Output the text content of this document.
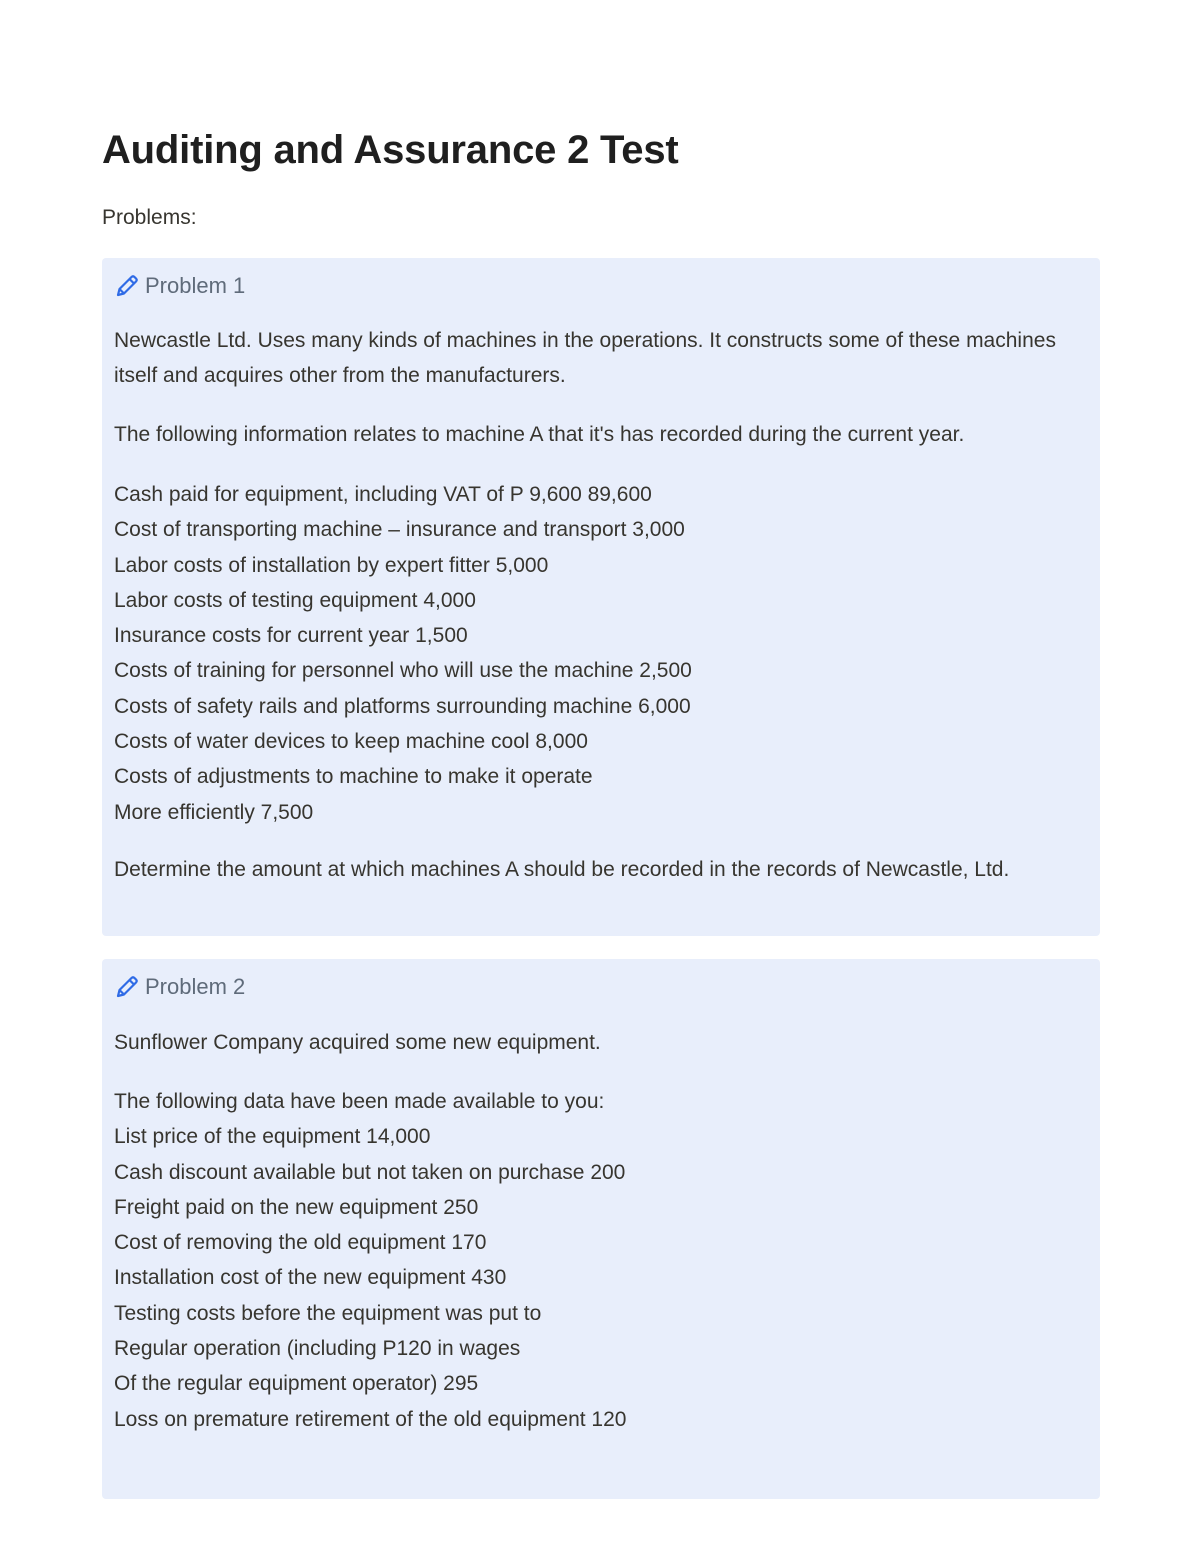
Auditing and Assurance 2 Test
Problems:
Problem 1
Newcastle Ltd. Uses many kinds of machines in the operations. It constructs some of these machines itself and acquires other from the manufacturers.
The following information relates to machine A that it's has recorded during the current year.
Cash paid for equipment, including VAT of P 9,600 89,600
Cost of transporting machine – insurance and transport 3,000
Labor costs of installation by expert fitter 5,000
Labor costs of testing equipment 4,000
Insurance costs for current year 1,500
Costs of training for personnel who will use the machine 2,500
Costs of safety rails and platforms surrounding machine 6,000
Costs of water devices to keep machine cool 8,000
Costs of adjustments to machine to make it operate
More efficiently 7,500
Determine the amount at which machines A should be recorded in the records of Newcastle, Ltd.
Problem 2
Sunflower Company acquired some new equipment.
The following data have been made available to you:
List price of the equipment 14,000
Cash discount available but not taken on purchase 200
Freight paid on the new equipment 250
Cost of removing the old equipment 170
Installation cost of the new equipment 430
Testing costs before the equipment was put to
Regular operation (including P120 in wages
Of the regular equipment operator) 295
Loss on premature retirement of the old equipment 120
